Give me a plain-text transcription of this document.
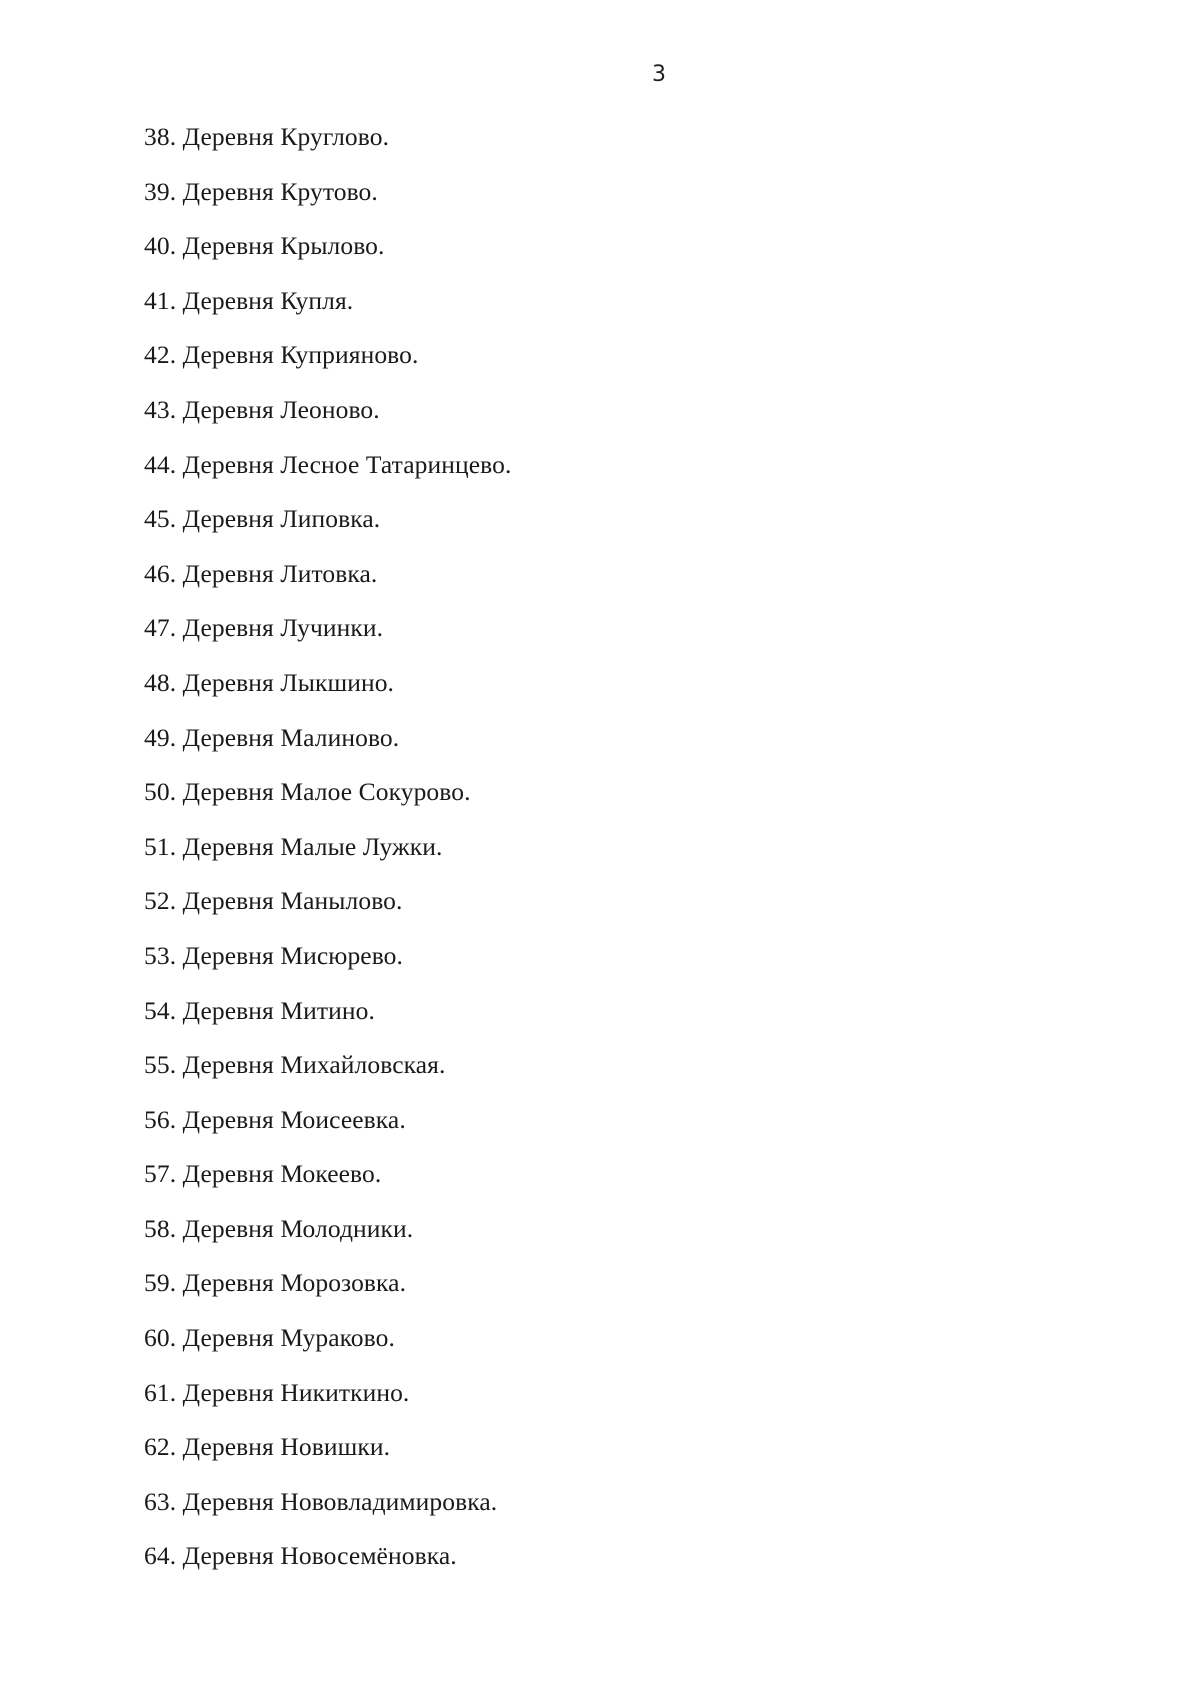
3
38. Деревня Круглово.
39. Деревня Крутово.
40. Деревня Крылово.
41. Деревня Купля.
42. Деревня Куприяново.
43. Деревня Леоново.
44. Деревня Лесное Татаринцево.
45. Деревня Липовка.
46. Деревня Литовка.
47. Деревня Лучинки.
48. Деревня Лыкшино.
49. Деревня Малиново.
50. Деревня Малое Сокурово.
51. Деревня Малые Лужки.
52. Деревня Манылово.
53. Деревня Мисюрево.
54. Деревня Митино.
55. Деревня Михайловская.
56. Деревня Моисеевка.
57. Деревня Мокеево.
58. Деревня Молодники.
59. Деревня Морозовка.
60. Деревня Мураково.
61. Деревня Никиткино.
62. Деревня Новишки.
63. Деревня Нововладимировка.
64. Деревня Новосемёновка.
